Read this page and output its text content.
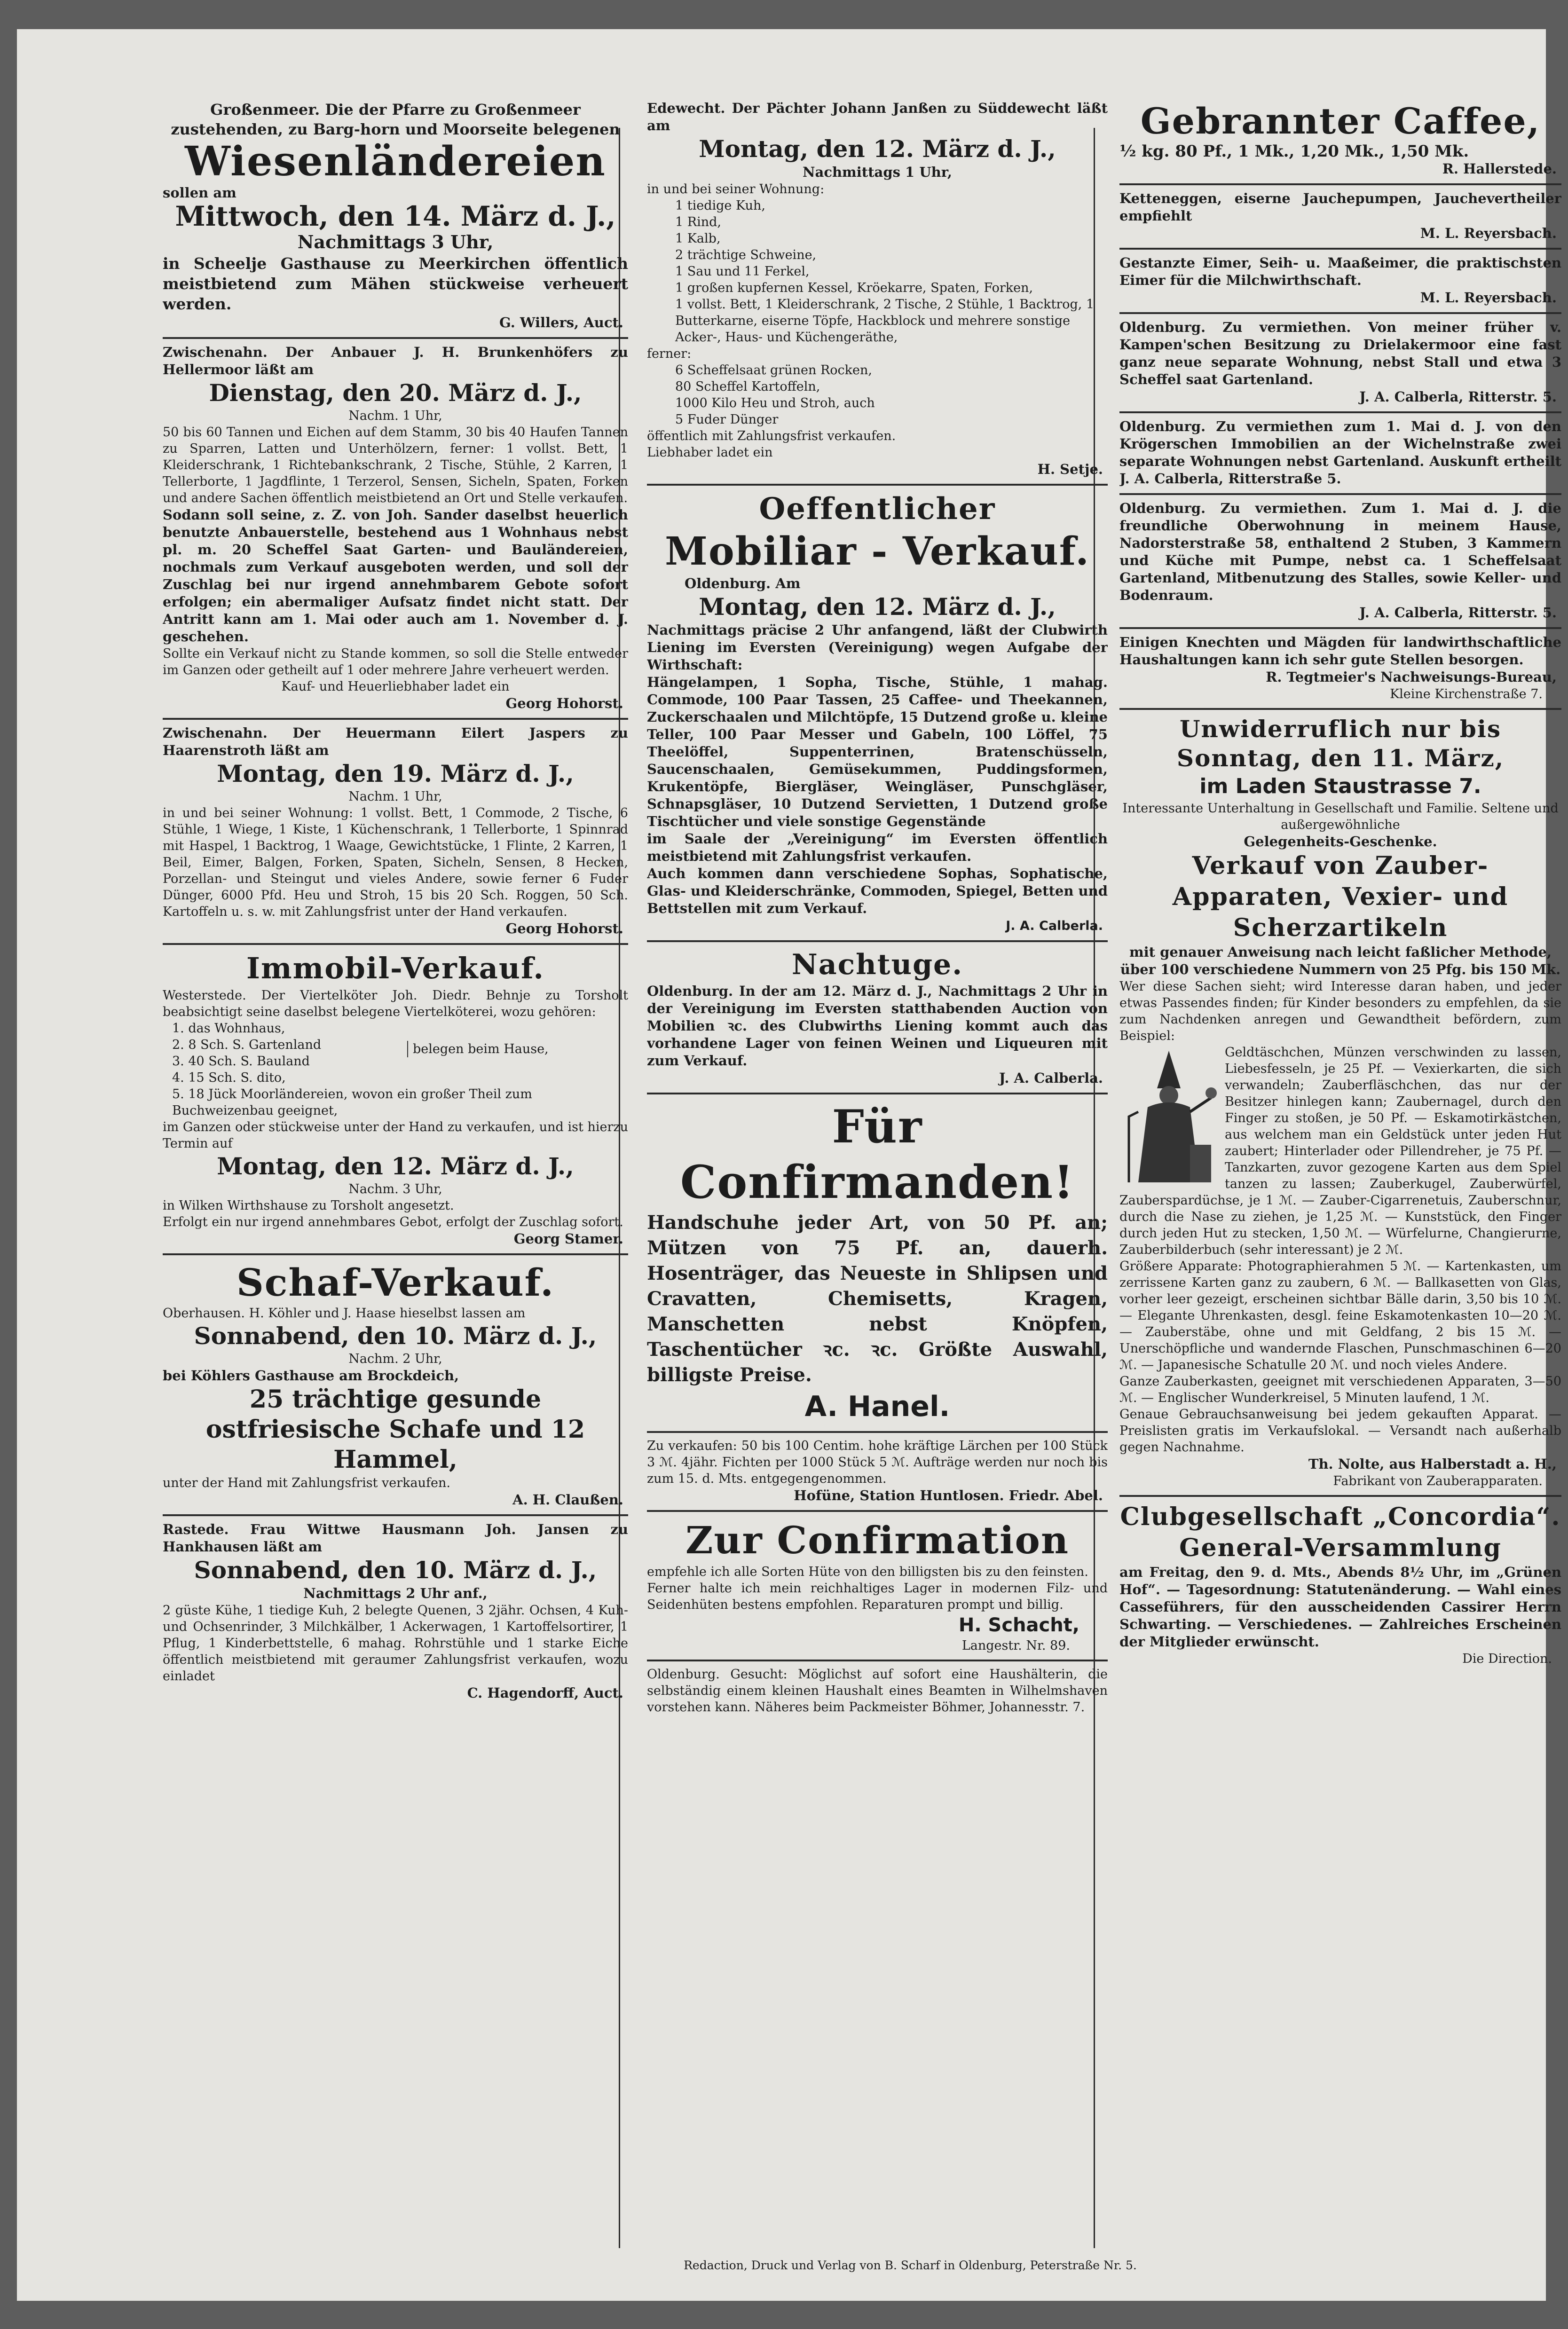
Großenmeer. Die der Pfarre zu Großenmeer zustehenden, zu Barg-horn und Moorseite belegenen

Wiesenländereien

sollen am

Mittwoch, den 14. März d. J.,

Nachmittags 3 Uhr,

in Scheelje Gasthause zu Meerkirchen öffentlich meistbietend zum Mähen stückweise verheuert werden.

G. Willers, Auct.

Zwischenahn. Der Anbauer J. H. Brunkenhöfers zu Hellermoor läßt am

Dienstag, den 20. März d. J.,

Nachm. 1 Uhr,

50 bis 60 Tannen und Eichen auf dem Stamm, 30 bis 40 Haufen Tannen zu Sparren, Latten und Unterhölzern, ferner: 1 vollst. Bett, 1 Kleiderschrank, 1 Richtebankschrank, 2 Tische, Stühle, 2 Karren, 1 Tellerborte, 1 Jagdflinte, 1 Terzerol, Sensen, Sicheln, Spaten, Forken und andere Sachen öffentlich meistbietend an Ort und Stelle verkaufen.

Sodann soll seine, z. Z. von Joh. Sander daselbst heuerlich benutzte Anbauerstelle, bestehend aus 1 Wohnhaus nebst pl. m. 20 Scheffel Saat Garten- und Bauländereien, nochmals zum Verkauf ausgeboten werden, und soll der Zuschlag bei nur irgend annehmbarem Gebote sofort erfolgen; ein abermaliger Aufsatz findet nicht statt. Der Antritt kann am 1. Mai oder auch am 1. November d. J. geschehen.

Sollte ein Verkauf nicht zu Stande kommen, so soll die Stelle entweder im Ganzen oder getheilt auf 1 oder mehrere Jahre verheuert werden.

Kauf- und Heuerliebhaber ladet ein

Georg Hohorst.

Zwischenahn. Der Heuermann Eilert Jaspers zu Haarenstroth läßt am

Montag, den 19. März d. J.,

Nachm. 1 Uhr,

in und bei seiner Wohnung: 1 vollst. Bett, 1 Commode, 2 Tische, 6 Stühle, 1 Wiege, 1 Kiste, 1 Küchenschrank, 1 Tellerborte, 1 Spinnrad mit Haspel, 1 Backtrog, 1 Waage, Gewichtstücke, 1 Flinte, 2 Karren, 1 Beil, Eimer, Balgen, Forken, Spaten, Sicheln, Sensen, 8 Hecken, Porzellan- und Steingut und vieles Andere, sowie ferner 6 Fuder Dünger, 6000 Pfd. Heu und Stroh, 15 bis 20 Sch. Roggen, 50 Sch. Kartoffeln u. s. w. mit Zahlungsfrist unter der Hand verkaufen.

Georg Hohorst.

Immobil-Verkauf.

Westerstede. Der Viertelköter Joh. Diedr. Behnje zu Torsholt beabsichtigt seine daselbst belegene Viertelköterei, wozu gehören:

1. das Wohnhaus,
2. 8 Sch. S. Gartenland
3. 40 Sch. S. Bauland
4. 15 Sch. S. dito,
5. 18 Jück Moorländereien, wovon ein großer Theil zum Buchweizenbau geeignet,
belegen beim Hause,

im Ganzen oder stückweise unter der Hand zu verkaufen, und ist hierzu Termin auf

Montag, den 12. März d. J.,

Nachm. 3 Uhr,

in Wilken Wirthshause zu Torsholt angesetzt.

Erfolgt ein nur irgend annehmbares Gebot, erfolgt der Zuschlag sofort.

Georg Stamer.

Schaf-Verkauf.

Oberhausen. H. Köhler und J. Haase hieselbst lassen am

Sonnabend, den 10. März d. J.,

Nachm. 2 Uhr,

bei Köhlers Gasthause am Brockdeich,

25 trächtige gesunde ostfriesische Schafe und 12 Hammel,

unter der Hand mit Zahlungsfrist verkaufen.

A. H. Claußen.

Rastede. Frau Wittwe Hausmann Joh. Jansen zu Hankhausen läßt am

Sonnabend, den 10. März d. J.,

Nachmittags 2 Uhr anf.,

2 güste Kühe, 1 tiedige Kuh, 2 belegte Quenen, 3 2jähr. Ochsen, 4 Kuh- und Ochsenrinder, 3 Milchkälber, 1 Ackerwagen, 1 Kartoffelsortirer, 1 Pflug, 1 Kinderbettstelle, 6 mahag. Rohrstühle und 1 starke Eiche öffentlich meistbietend mit geraumer Zahlungsfrist verkaufen, wozu einladet

C. Hagendorff, Auct.

Edewecht. Der Pächter Johann Janßen zu Süddewecht läßt am

Montag, den 12. März d. J.,

Nachmittags 1 Uhr,

in und bei seiner Wohnung:

1 tiedige Kuh,
1 Rind,
1 Kalb,
2 trächtige Schweine,
1 Sau und 11 Ferkel,
1 großen kupfernen Kessel, Kröekarre, Spaten, Forken,
1 vollst. Bett, 1 Kleiderschrank, 2 Tische, 2 Stühle, 1 Backtrog, 1 Butterkarne, eiserne Töpfe, Hackblock und mehrere sonstige Acker-, Haus- und Küchengeräthe,

ferner:

6 Scheffelsaat grünen Rocken,
80 Scheffel Kartoffeln,
1000 Kilo Heu und Stroh, auch
5 Fuder Dünger

öffentlich mit Zahlungsfrist verkaufen.

Liebhaber ladet ein

H. Setje.

Oeffentlicher

Mobiliar - Verkauf.

Oldenburg. Am

Montag, den 12. März d. J.,

Nachmittags präcise 2 Uhr anfangend, läßt der Clubwirth Liening im Eversten (Vereinigung) wegen Aufgabe der Wirthschaft:

Hängelampen, 1 Sopha, Tische, Stühle, 1 mahag. Commode, 100 Paar Tassen, 25 Caffee- und Theekannen, Zuckerschaalen und Milchtöpfe, 15 Dutzend große u. kleine Teller, 100 Paar Messer und Gabeln, 100 Löffel, 75 Theelöffel, Suppenterrinen, Bratenschüsseln, Saucenschaalen, Gemüsekummen, Puddingsformen, Krukentöpfe, Biergläser, Weingläser, Punschgläser, Schnapsgläser, 10 Dutzend Servietten, 1 Dutzend große Tischtücher und viele sonstige Gegenstände

im Saale der „Vereinigung“ im Eversten öffentlich meistbietend mit Zahlungsfrist verkaufen.

Auch kommen dann verschiedene Sophas, Sophatische, Glas- und Kleiderschränke, Commoden, Spiegel, Betten und Bettstellen mit zum Verkauf.

J. A. Calberla.

Nachtuge.

Oldenburg. In der am 12. März d. J., Nachmittags 2 Uhr in der Vereinigung im Eversten statthabenden Auction von Mobilien ꝛc. des Clubwirths Liening kommt auch das vorhandene Lager von feinen Weinen und Liqueuren mit zum Verkauf.

J. A. Calberla.

Für Confirmanden!

Handschuhe jeder Art, von 50 Pf. an; Mützen von 75 Pf. an, dauerh. Hosenträger, das Neueste in Shlipsen und Cravatten, Chemisetts, Kragen, Manschetten nebst Knöpfen, Taschentücher ꝛc. ꝛc. Größte Auswahl, billigste Preise.

A. Hanel.

Zu verkaufen: 50 bis 100 Centim. hohe kräftige Lärchen per 100 Stück 3 ℳ. 4jähr. Fichten per 1000 Stück 5 ℳ. Aufträge werden nur noch bis zum 15. d. Mts. entgegengenommen.

Hofüne, Station Huntlosen. Friedr. Abel.

Zur Confirmation

empfehle ich alle Sorten Hüte von den billigsten bis zu den feinsten.

Ferner halte ich mein reichhaltiges Lager in modernen Filz- und Seidenhüten bestens empfohlen. Reparaturen prompt und billig.

H. Schacht,

Langestr. Nr. 89.

Oldenburg. Gesucht: Möglichst auf sofort eine Haushälterin, die selbständig einem kleinen Haushalt eines Beamten in Wilhelmshaven vorstehen kann. Näheres beim Packmeister Böhmer, Johannesstr. 7.

Gebrannter Caffee,

½ kg. 80 Pf., 1 Mk., 1,20 Mk., 1,50 Mk.

R. Hallerstede.

Ketteneggen, eiserne Jauchepumpen, Jauchevertheiler empfiehlt

M. L. Reyersbach.

Gestanzte Eimer, Seih- u. Maaßeimer, die praktischsten Eimer für die Milchwirthschaft.

M. L. Reyersbach.

Oldenburg. Zu vermiethen. Von meiner früher v. Kampen'schen Besitzung zu Drielakermoor eine fast ganz neue separate Wohnung, nebst Stall und etwa 3 Scheffel saat Gartenland.

J. A. Calberla, Ritterstr. 5.

Oldenburg. Zu vermiethen zum 1. Mai d. J. von den Krögerschen Immobilien an der Wichelnstraße zwei separate Wohnungen nebst Gartenland. Auskunft ertheilt J. A. Calberla, Ritterstraße 5.

Oldenburg. Zu vermiethen. Zum 1. Mai d. J. die freundliche Oberwohnung in meinem Hause, Nadorsterstraße 58, enthaltend 2 Stuben, 3 Kammern und Küche mit Pumpe, nebst ca. 1 Scheffelsaat Gartenland, Mitbenutzung des Stalles, sowie Keller- und Bodenraum.

J. A. Calberla, Ritterstr. 5.

Einigen Knechten und Mägden für landwirthschaftliche Haushaltungen kann ich sehr gute Stellen besorgen.

R. Tegtmeier's Nachweisungs-Bureau,

Kleine Kirchenstraße 7.

Unwiderruflich nur bis Sonntag, den 11. März,

im Laden Staustrasse 7.

Interessante Unterhaltung in Gesellschaft und Familie. Seltene und außergewöhnliche

Gelegenheits-Geschenke.

Verkauf von Zauber-Apparaten, Vexier- und Scherzartikeln

mit genauer Anweisung nach leicht faßlicher Methode, über 100 verschiedene Nummern von 25 Pfg. bis 150 Mk.

Wer diese Sachen sieht; wird Interesse daran haben, und jeder etwas Passendes finden; für Kinder besonders zu empfehlen, da sie zum Nachdenken anregen und Gewandtheit befördern, zum Beispiel:

Geldtäschchen, Münzen verschwinden zu lassen, Liebesfesseln, je 25 Pf. — Vexierkarten, die sich verwandeln; Zauberfläschchen, das nur der Besitzer hinlegen kann; Zaubernagel, durch den Finger zu stoßen, je 50 Pf. — Eskamotirkästchen, aus welchem man ein Geldstück unter jeden Hut zaubert; Hinterlader oder Pillendreher, je 75 Pf. — Tanzkarten, zuvor gezogene Karten aus dem Spiel tanzen zu lassen; Zauberkugel, Zauberwürfel, Zauberspardüchse, je 1 ℳ. — Zauber-Cigarrenetuis, Zauberschnur, durch die Nase zu ziehen, je 1,25 ℳ. — Kunststück, den Finger durch jeden Hut zu stecken, 1,50 ℳ. — Würfelurne, Changierurne, Zauberbilderbuch (sehr interessant) je 2 ℳ.

Größere Apparate: Photographierahmen 5 ℳ. — Kartenkasten, um zerrissene Karten ganz zu zaubern, 6 ℳ. — Ballkasetten von Glas, vorher leer gezeigt, erscheinen sichtbar Bälle darin, 3,50 bis 10 ℳ. — Elegante Uhrenkasten, desgl. feine Eskamotenkasten 10—20 ℳ. — Zauberstäbe, ohne und mit Geldfang, 2 bis 15 ℳ. — Unerschöpfliche und wandernde Flaschen, Punschmaschinen 6—20 ℳ. — Japanesische Schatulle 20 ℳ. und noch vieles Andere.

Ganze Zauberkasten, geeignet mit verschiedenen Apparaten, 3—50 ℳ. — Englischer Wunderkreisel, 5 Minuten laufend, 1 ℳ.

Genaue Gebrauchsanweisung bei jedem gekauften Apparat. — Preislisten gratis im Verkaufslokal. — Versandt nach außerhalb gegen Nachnahme.

Th. Nolte, aus Halberstadt a. H.,

Fabrikant von Zauberapparaten.

Clubgesellschaft „Concordia“.

General-Versammlung

am Freitag, den 9. d. Mts., Abends 8½ Uhr, im „Grünen Hof“. — Tagesordnung: Statutenänderung. — Wahl eines Casseführers, für den ausscheidenden Cassirer Herrn Schwarting. — Verschiedenes. — Zahlreiches Erscheinen der Mitglieder erwünscht.

Die Direction.

Redaction, Druck und Verlag von B. Scharf in Oldenburg, Peterstraße Nr. 5.
